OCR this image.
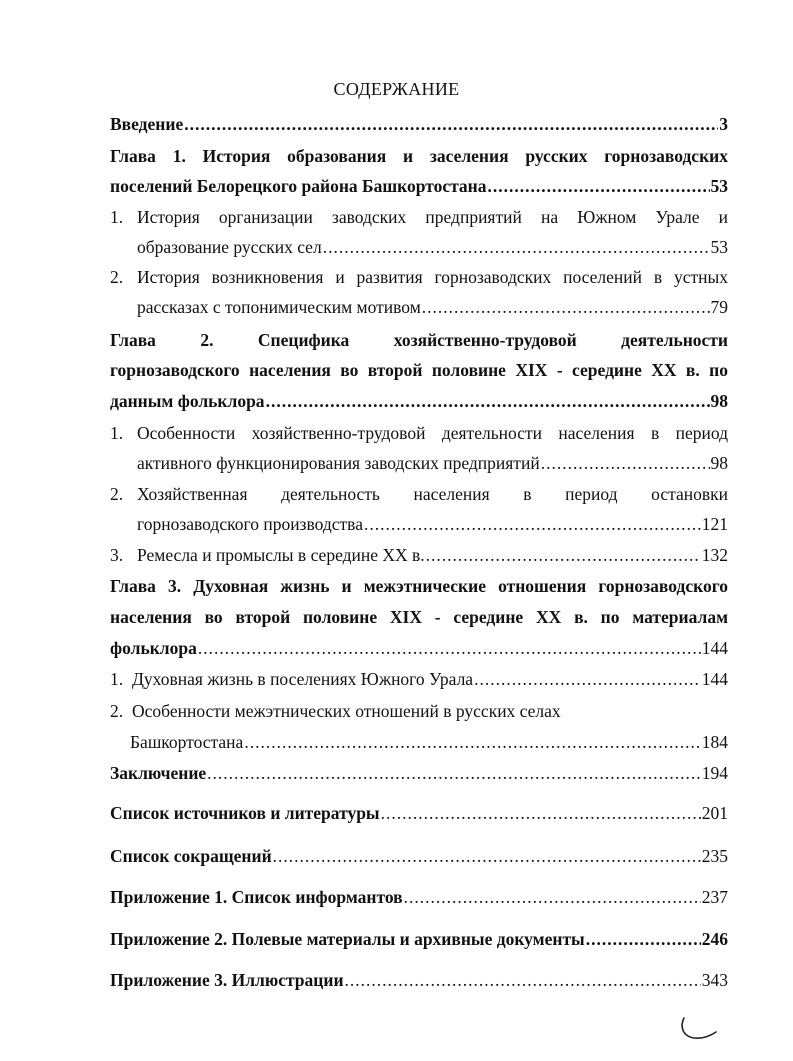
СОДЕРЖАНИЕ
Введение .....	3
Глава 1. История образования и заселения русских горнозаводских
поселений Белорецкого района Башкортостана .....	53
1. История организации заводских предприятий на Южном Урале и
образование русских сел .....	53
2. История возникновения и развития горнозаводских поселений в устных
рассказах с топонимическим мотивом .....	79
Глава 2. Специфика хозяйственно-трудовой деятельности
горнозаводского населения во второй половине XIX - середине XX в. по
данным фольклора .....	98
1. Особенности хозяйственно-трудовой деятельности населения в период
активного функционирования заводских предприятий .....	98
2. Хозяйственная деятельность населения в период остановки
горнозаводского производства .....	121
3. Ремесла и промыслы в середине XX в. .....	132
Глава 3. Духовная жизнь и межэтнические отношения горнозаводского
населения во второй половине XIX - середине XX в. по материалам
фольклора .....	144
1. Духовная жизнь в поселениях Южного Урала .....	144
2. Особенности межэтнических отношений в русских селах
Башкортостана .....	184
Заключение .....	194
Список источников и литературы .....	201
Список сокращений .....	235
Приложение 1. Список информантов .....	237
Приложение 2. Полевые материалы и архивные документы .....	246
Приложение 3. Иллюстрации .....	343
